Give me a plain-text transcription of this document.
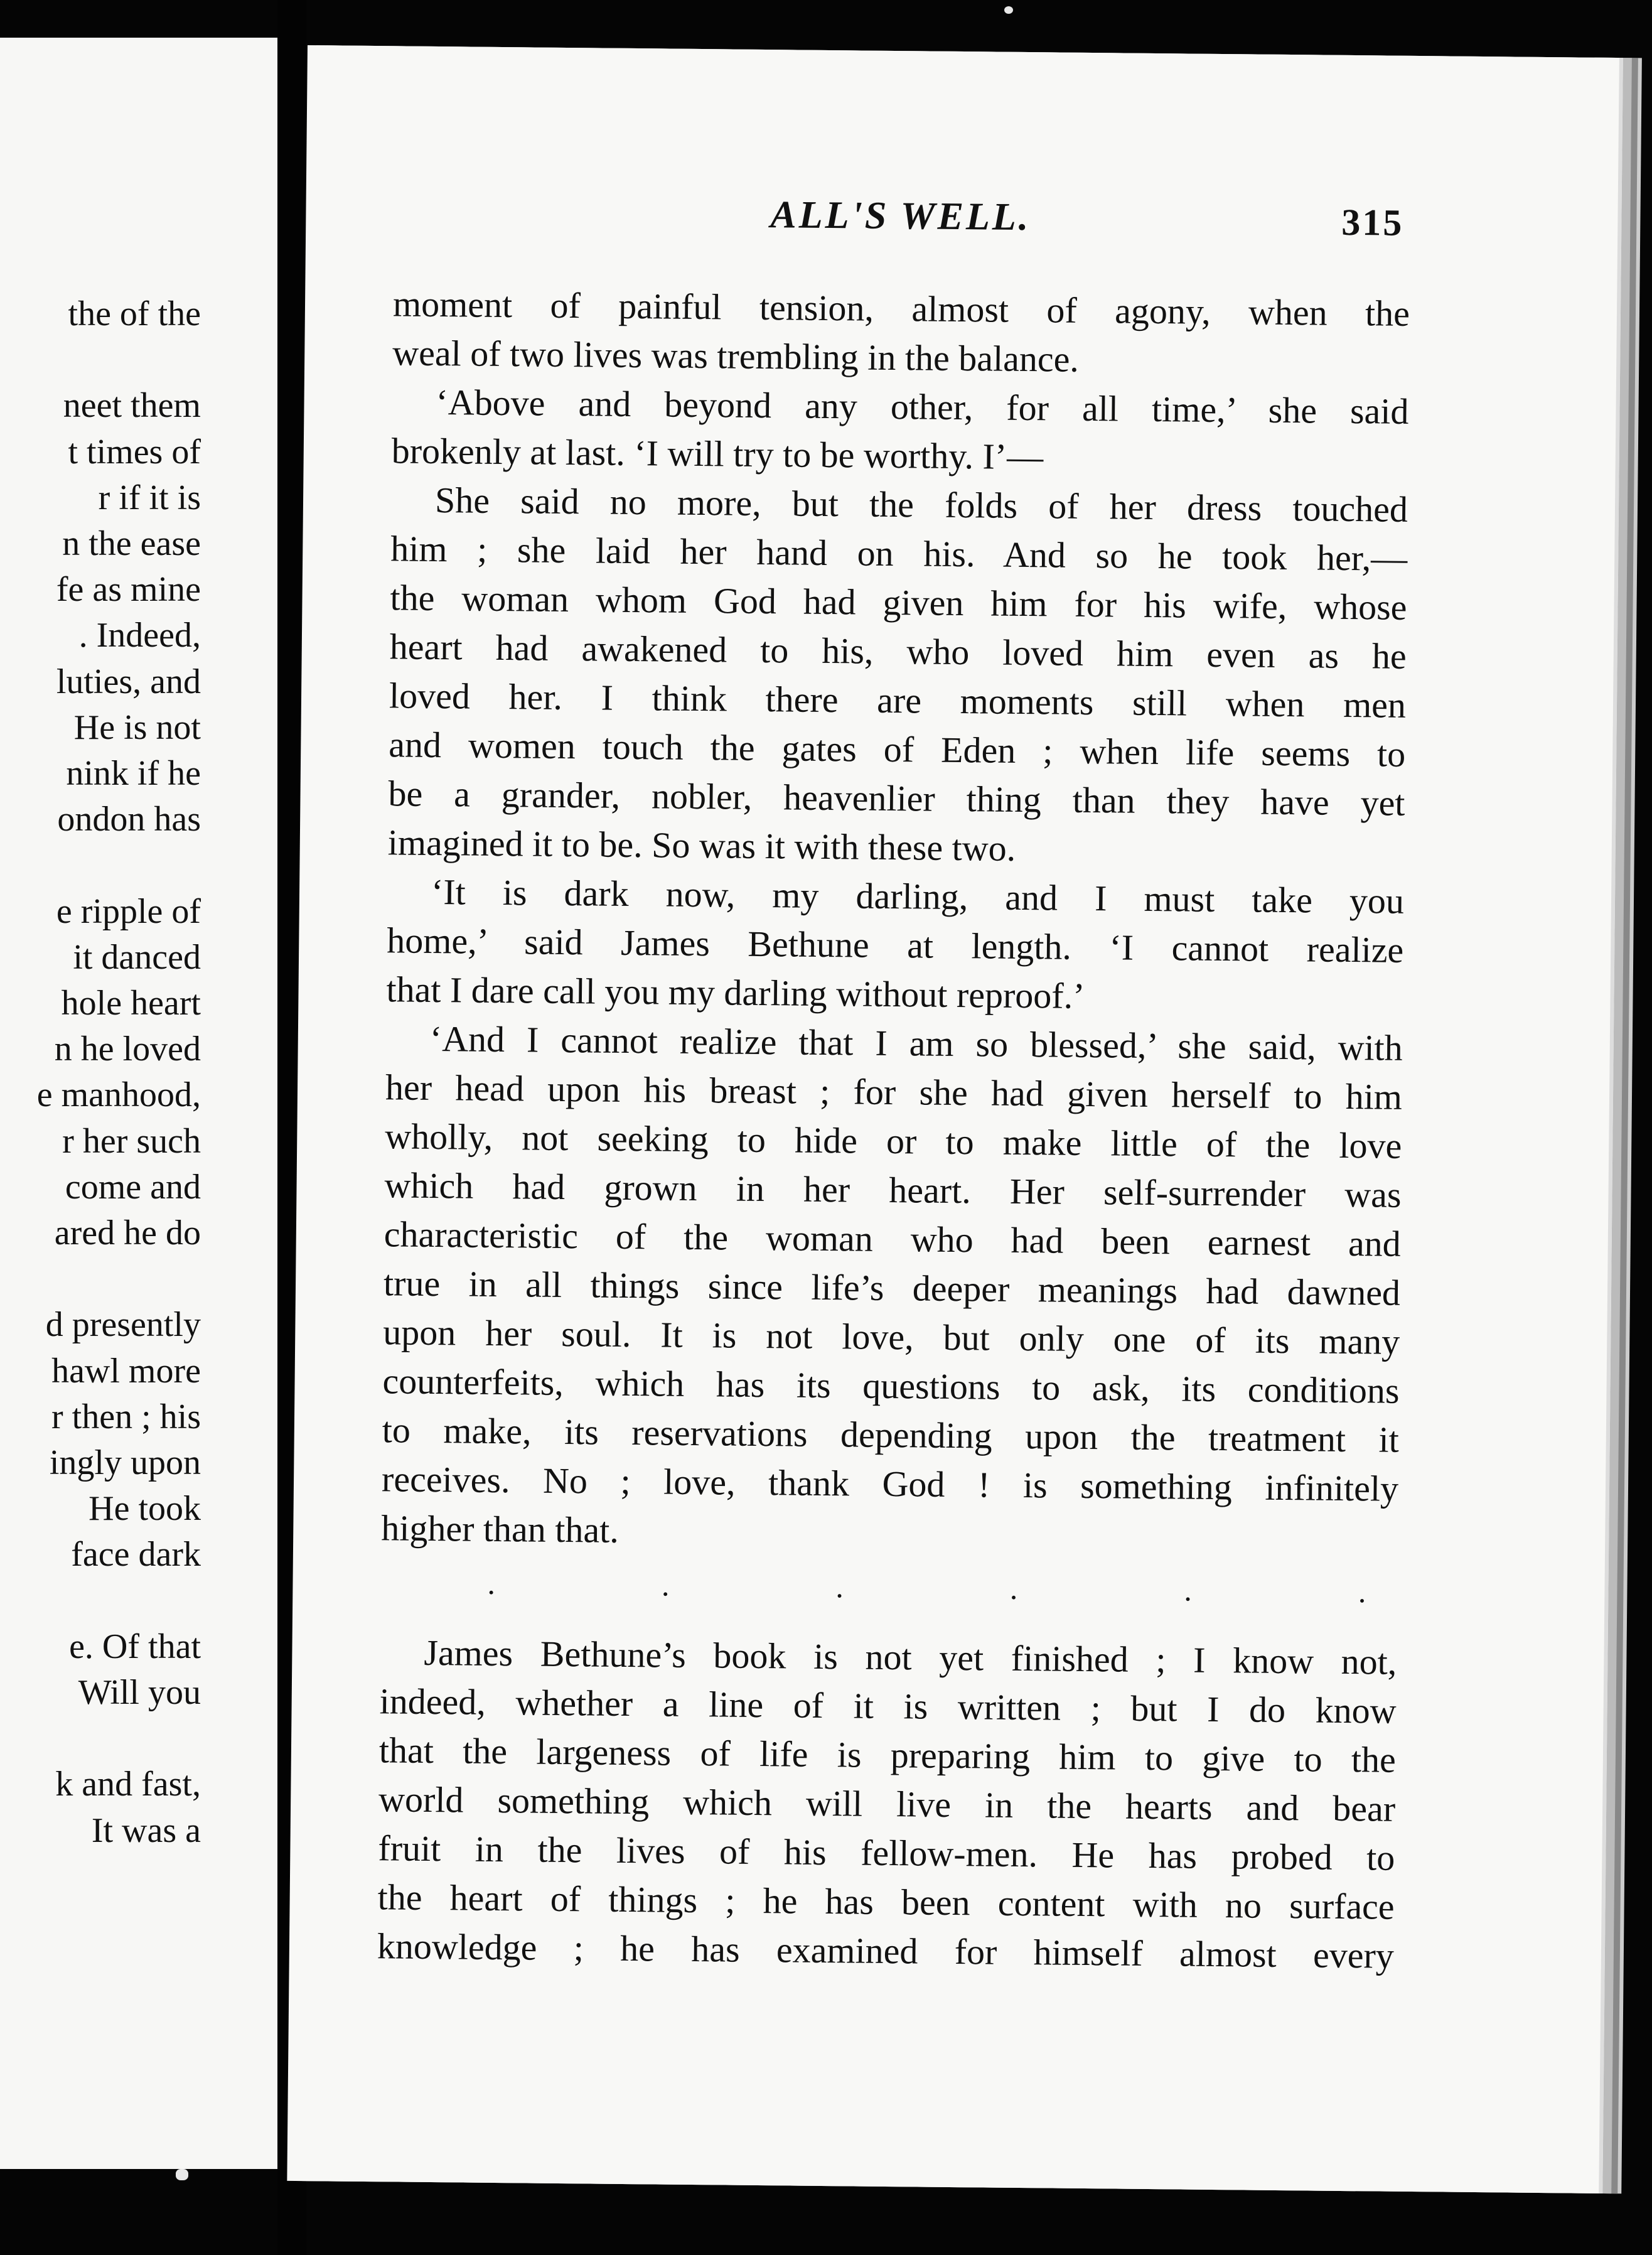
the of the
neet them
t times of
r if it is
n the ease
fe as mine
. Indeed,
luties, and
He is not
nink if he
ondon has
e ripple of
it danced
hole heart
n he loved
e manhood,
r her such
come and
ared he do
d presently
hawl more
r then ; his
ingly upon
He took
face dark
e. Of that
Will you
k and fast,
It was a
ALL'S WELL.	315
moment of painful tension, almost of agony, when the
weal of two lives was trembling in the balance.
‘Above and beyond any other, for all time,’ she said
brokenly at last. ‘I will try to be worthy. I’—
She said no more, but the folds of her dress touched
him ; she laid her hand on his. And so he took her,—
the woman whom God had given him for his wife, whose
heart had awakened to his, who loved him even as he
loved her. I think there are moments still when men
and women touch the gates of Eden ; when life seems to
be a grander, nobler, heavenlier thing than they have yet
imagined it to be. So was it with these two.
‘It is dark now, my darling, and I must take you
home,’ said James Bethune at length. ‘I cannot realize
that I dare call you my darling without reproof.’
‘And I cannot realize that I am so blessed,’ she said, with
her head upon his breast ; for she had given herself to him
wholly, not seeking to hide or to make little of the love
which had grown in her heart. Her self-surrender was
characteristic of the woman who had been earnest and
true in all things since life’s deeper meanings had dawned
upon her soul. It is not love, but only one of its many
counterfeits, which has its questions to ask, its conditions
to make, its reservations depending upon the treatment it
receives. No ; love, thank God ! is something infinitely
higher than that.
.	.	.	.	.	.
James Bethune’s book is not yet finished ; I know not,
indeed, whether a line of it is written ; but I do know
that the largeness of life is preparing him to give to the
world something which will live in the hearts and bear
fruit in the lives of his fellow-men. He has probed to
the heart of things ; he has been content with no surface
knowledge ; he has examined for himself almost every
